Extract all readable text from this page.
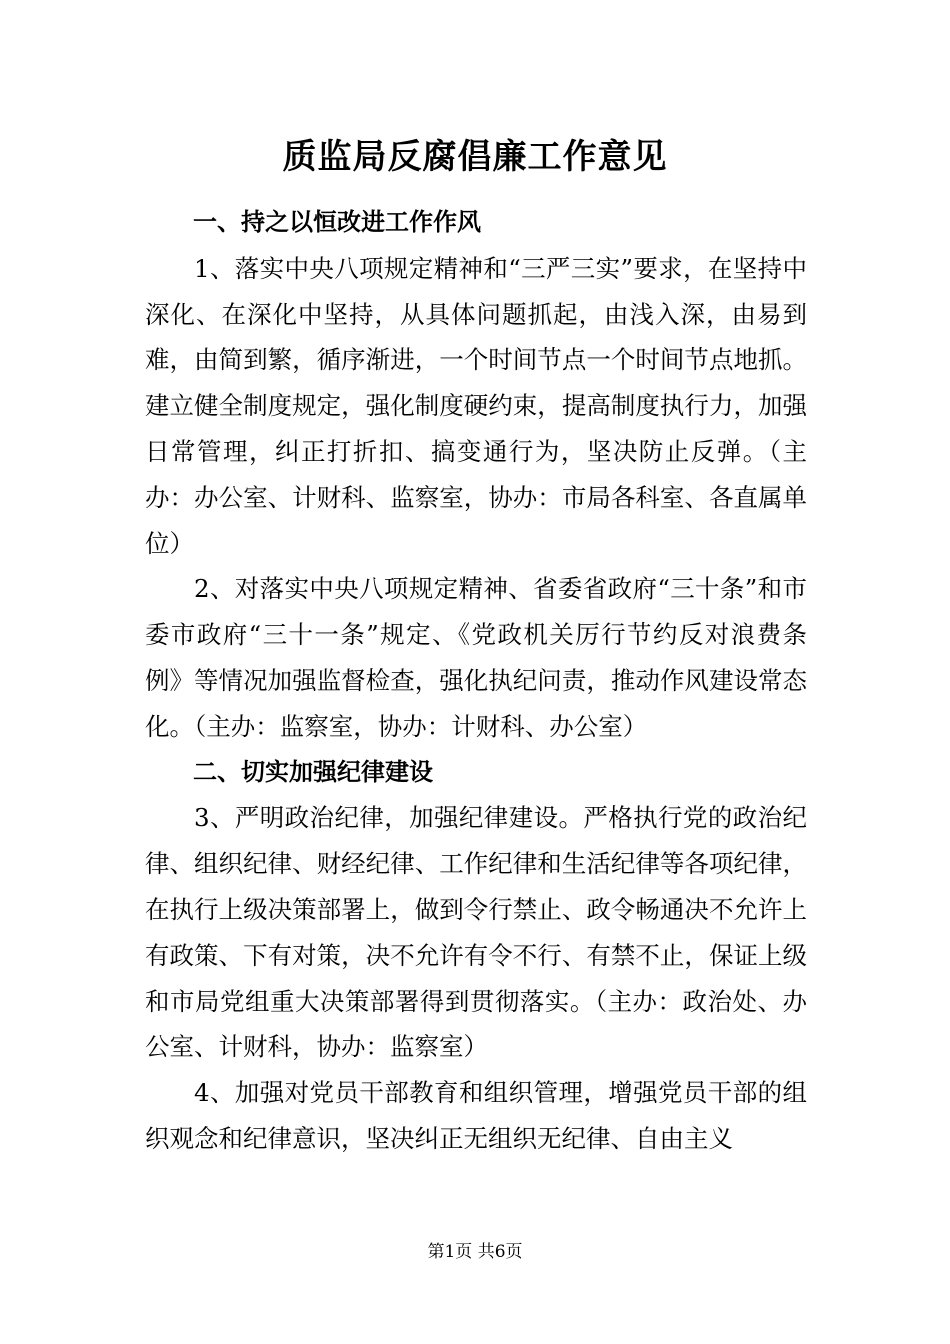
质监局反腐倡廉工作意见

一、持之以恒改进工作作风

1、落实中央八项规定精神和“三严三实”要求，在坚持中深化、在深化中坚持，从具体问题抓起，由浅入深，由易到难，由简到繁，循序渐进，一个时间节点一个时间节点地抓。建立健全制度规定，强化制度硬约束，提高制度执行力，加强日常管理，纠正打折扣、搞变通行为，坚决防止反弹。（主办：办公室、计财科、监察室，协办：市局各科室、各直属单位）

2、对落实中央八项规定精神、省委省政府“三十条”和市委市政府“三十一条”规定、《党政机关厉行节约反对浪费条例》等情况加强监督检查，强化执纪问责，推动作风建设常态化。（主办：监察室，协办：计财科、办公室）

二、切实加强纪律建设

3、严明政治纪律，加强纪律建设。严格执行党的政治纪律、组织纪律、财经纪律、工作纪律和生活纪律等各项纪律，在执行上级决策部署上，做到令行禁止、政令畅通决不允许上有政策、下有对策，决不允许有令不行、有禁不止，保证上级和市局党组重大决策部署得到贯彻落实。（主办：政治处、办公室、计财科，协办：监察室）

4、加强对党员干部教育和组织管理，增强党员干部的组织观念和纪律意识，坚决纠正无组织无纪律、自由主义

第1页 共6页
